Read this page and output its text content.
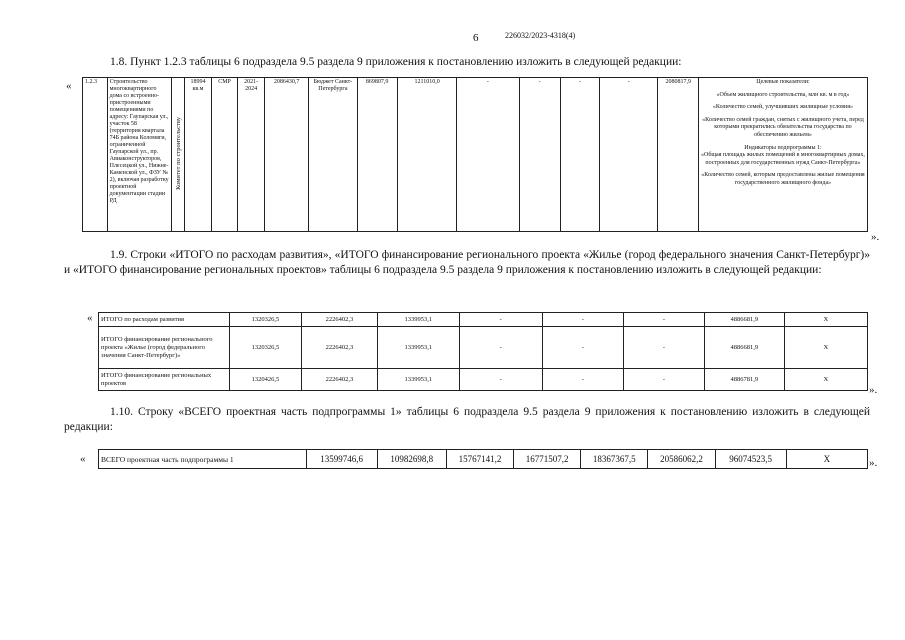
6	226032/2023-4318(4)
1.8. Пункт 1.2.3 таблицы 6 подраздела 9.5 раздела 9 приложения к постановлению изложить в следующей редакции:
« 1.2.3	Строительство многоквартирного дома со встроенно-пристроенными помещениями по адресу: Гаупарская ул., участок 58 (территория квартала 74Б района Коломяги, ограниченной Гаупарской ул., пр. Авиаконструкторов, Плесецкой ул., Нижне-Каменской ул., ФЗУ № 2), включая разработку проектной документации стадии РД	Комитет по строительству	18994 кв.м	СМР	2021-2024	2086430,7	Бюджет Санкт-Петербурга	869807,9	1211010,0	-	-	-	-	2080817,9	Целевые показатели:
«Объем жилищного строительства, млн кв. м в год»
«Количество семей, улучшивших жилищные условия»
«Количество семей граждан, снятых с жилищного учета, перед которыми прекратились обязательства государства по обеспечению жильем»
Индикаторы подпрограммы 1:
«Общая площадь жилых помещений в многоквартирных домах, построенных для государственных нужд Санкт-Петербурга»
«Количество семей, которым предоставлены жилые помещения государственного жилищного фонда»
».
1.9. Строки «ИТОГО по расходам развития», «ИТОГО финансирование регионального проекта «Жилье (город федерального значения Санкт-Петербург)» и «ИТОГО финансирование региональных проектов» таблицы 6 подраздела 9.5 раздела 9 приложения к постановлению изложить в следующей редакции:
« ИТОГО по расходам развития	1320326,5	2226402,3	1339953,1	-	-	-	4886681,9	Х
ИТОГО финансирование регионального проекта «Жилье (город федерального значения Санкт-Петербург)»	1320326,5	2226402,3	1339953,1	-	-	-	4886681,9	Х
ИТОГО финансирование региональных проектов	1320426,5	2226402,3	1339953,1	-	-	-	4886781,9	Х
».
1.10. Строку «ВСЕГО проектная часть подпрограммы 1» таблицы 6 подраздела 9.5 раздела 9 приложения к постановлению изложить в следующей редакции:
« ВСЕГО проектная часть подпрограммы 1	13599746,6	10982698,8	15767141,2	16771507,2	18367367,5	20586062,2	96074523,5	Х	».
